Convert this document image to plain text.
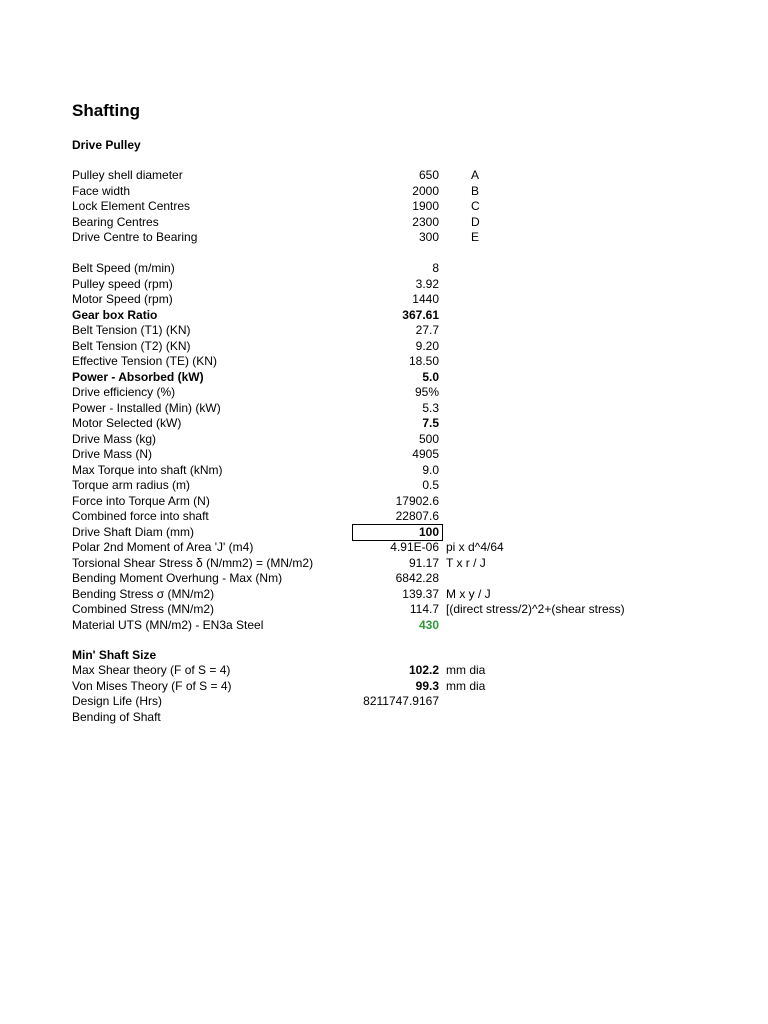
Shafting
Drive Pulley
Pulley shell diameter	650	A
Face width	2000	B
Lock Element Centres	1900	C
Bearing Centres	2300	D
Drive Centre to Bearing	300	E
Belt Speed (m/min)	8
Pulley speed (rpm)	3.92
Motor Speed (rpm)	1440
Gear box Ratio	367.61
Belt Tension (T1) (KN)	27.7
Belt Tension (T2) (KN)	9.20
Effective Tension (TE) (KN)	18.50
Power - Absorbed (kW)	5.0
Drive efficiency (%)	95%
Power - Installed (Min) (kW)	5.3
Motor Selected (kW)	7.5
Drive Mass (kg)	500
Drive Mass (N)	4905
Max Torque into shaft (kNm)	9.0
Torque arm radius (m)	0.5
Force into Torque Arm (N)	17902.6
Combined force into shaft	22807.6
Drive Shaft Diam (mm)	100
Polar 2nd Moment of Area 'J' (m4)	4.91E-06 pi x d^4/64
Torsional Shear Stress δ (N/mm2) = (MN/m2)	91.17 T x r / J
Bending Moment Overhung - Max (Nm)	6842.28
Bending Stress σ (MN/m2)	139.37 M x y / J
Combined Stress (MN/m2)	114.7 [(direct stress/2)^2+(shear stress)
Material UTS (MN/m2) - EN3a Steel	430
Min' Shaft Size
Max Shear theory (F of S = 4)	102.2 mm dia
Von Mises Theory (F of S = 4)	99.3 mm dia
Design Life (Hrs)	8211747.9167
Bending of Shaft
